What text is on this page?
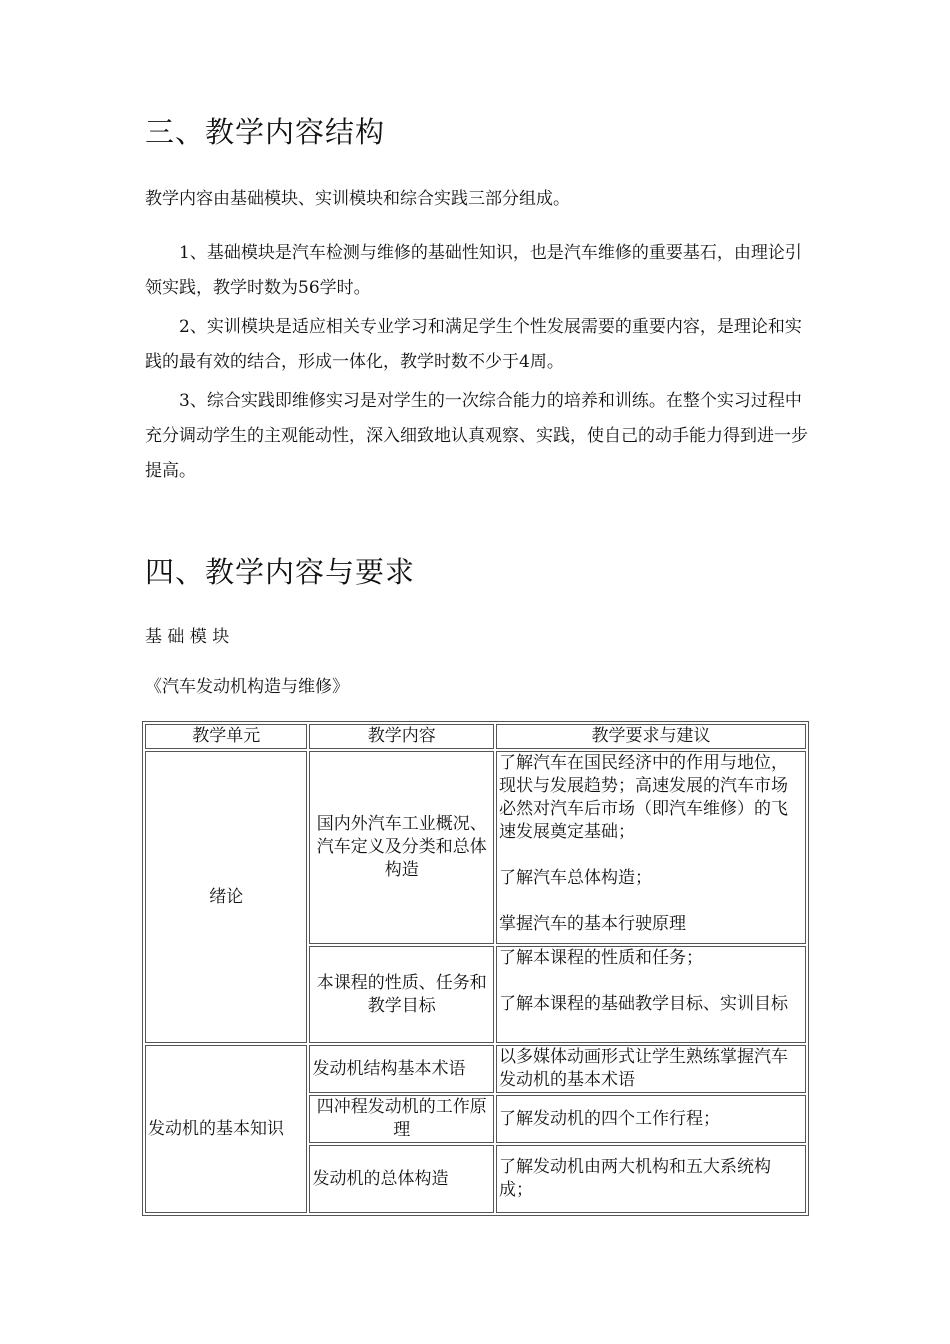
三、教学内容结构
教学内容由基础模块、实训模块和综合实践三部分组成。
1、基础模块是汽车检测与维修的基础性知识，也是汽车维修的重要基石，由理论引领实践，教学时数为56学时。
2、实训模块是适应相关专业学习和满足学生个性发展需要的重要内容，是理论和实践的最有效的结合，形成一体化，教学时数不少于4周。
3、综合实践即维修实习是对学生的一次综合能力的培养和训练。在整个实习过程中充分调动学生的主观能动性，深入细致地认真观察、实践，使自己的动手能力得到进一步提高。
四、教学内容与要求
基 础 模 块
《汽车发动机构造与维修》
教学单元	教学内容	教学要求与建议
绪论	国内外汽车工业概况、汽车定义及分类和总体构造	了解汽车在国民经济中的作用与地位，现状与发展趋势；高速发展的汽车市场必然对汽车后市场（即汽车维修）的飞速发展奠定基础；

了解汽车总体构造；

掌握汽车的基本行驶原理
	本课程的性质、任务和教学目标	了解本课程的性质和任务；

了解本课程的基础教学目标、实训目标
发动机的基本知识	发动机结构基本术语	以多媒体动画形式让学生熟练掌握汽车发动机的基本术语
	四冲程发动机的工作原理	了解发动机的四个工作行程；
	发动机的总体构造	了解发动机由两大机构和五大系统构成；
